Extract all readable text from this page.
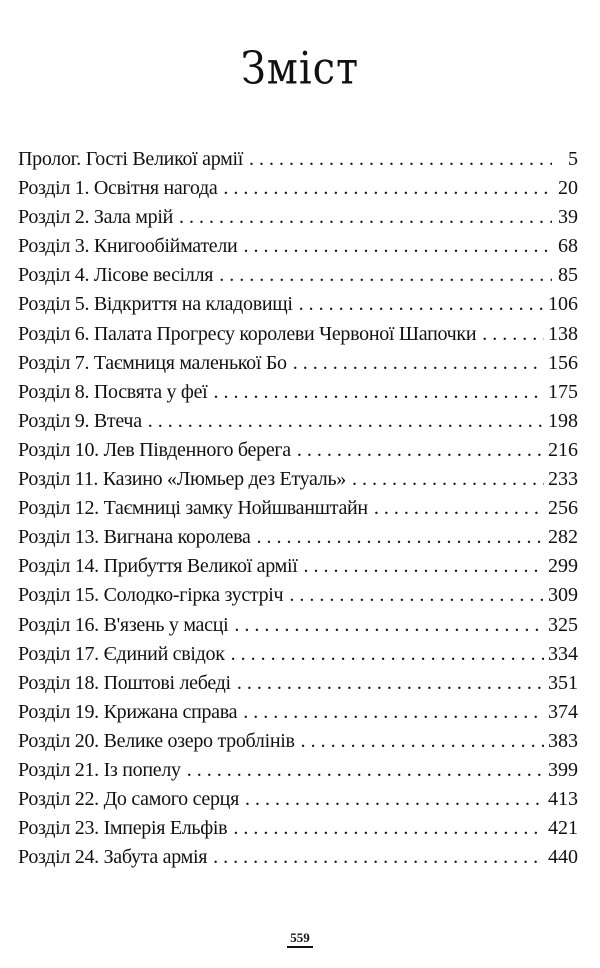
Зміст
Пролог. Гості Великої армії . . .	5
Розділ 1. Освітня нагода . . .	20
Розділ 2. Зала мрій . . .	39
Розділ 3. Книгообійматели . . .	68
Розділ 4. Лісове весілля . . .	85
Розділ 5. Відкриття на кладовищі . . .	106
Розділ 6. Палата Прогресу королеви Червоної Шапочки . . .	138
Розділ 7. Таємниця маленької Бо . . .	156
Розділ 8. Посвята у феї . . .	175
Розділ 9. Втеча . . .	198
Розділ 10. Лев Південного берега . . .	216
Розділ 11. Казино «Люмьер дез Етуаль» . . .	233
Розділ 12. Таємниці замку Нойшванштайн . . .	256
Розділ 13. Вигнана королева . . .	282
Розділ 14. Прибуття Великої армії . . .	299
Розділ 15. Солодко-гірка зустріч . . .	309
Розділ 16. В'язень у масці . . .	325
Розділ 17. Єдиний свідок . . .	334
Розділ 18. Поштові лебеді . . .	351
Розділ 19. Крижана справа . . .	374
Розділ 20. Велике озеро троблінів . . .	383
Розділ 21. Із попелу . . .	399
Розділ 22. До самого серця . . .	413
Розділ 23. Імперія Ельфів . . .	421
Розділ 24. Забута армія . . .	440
559
